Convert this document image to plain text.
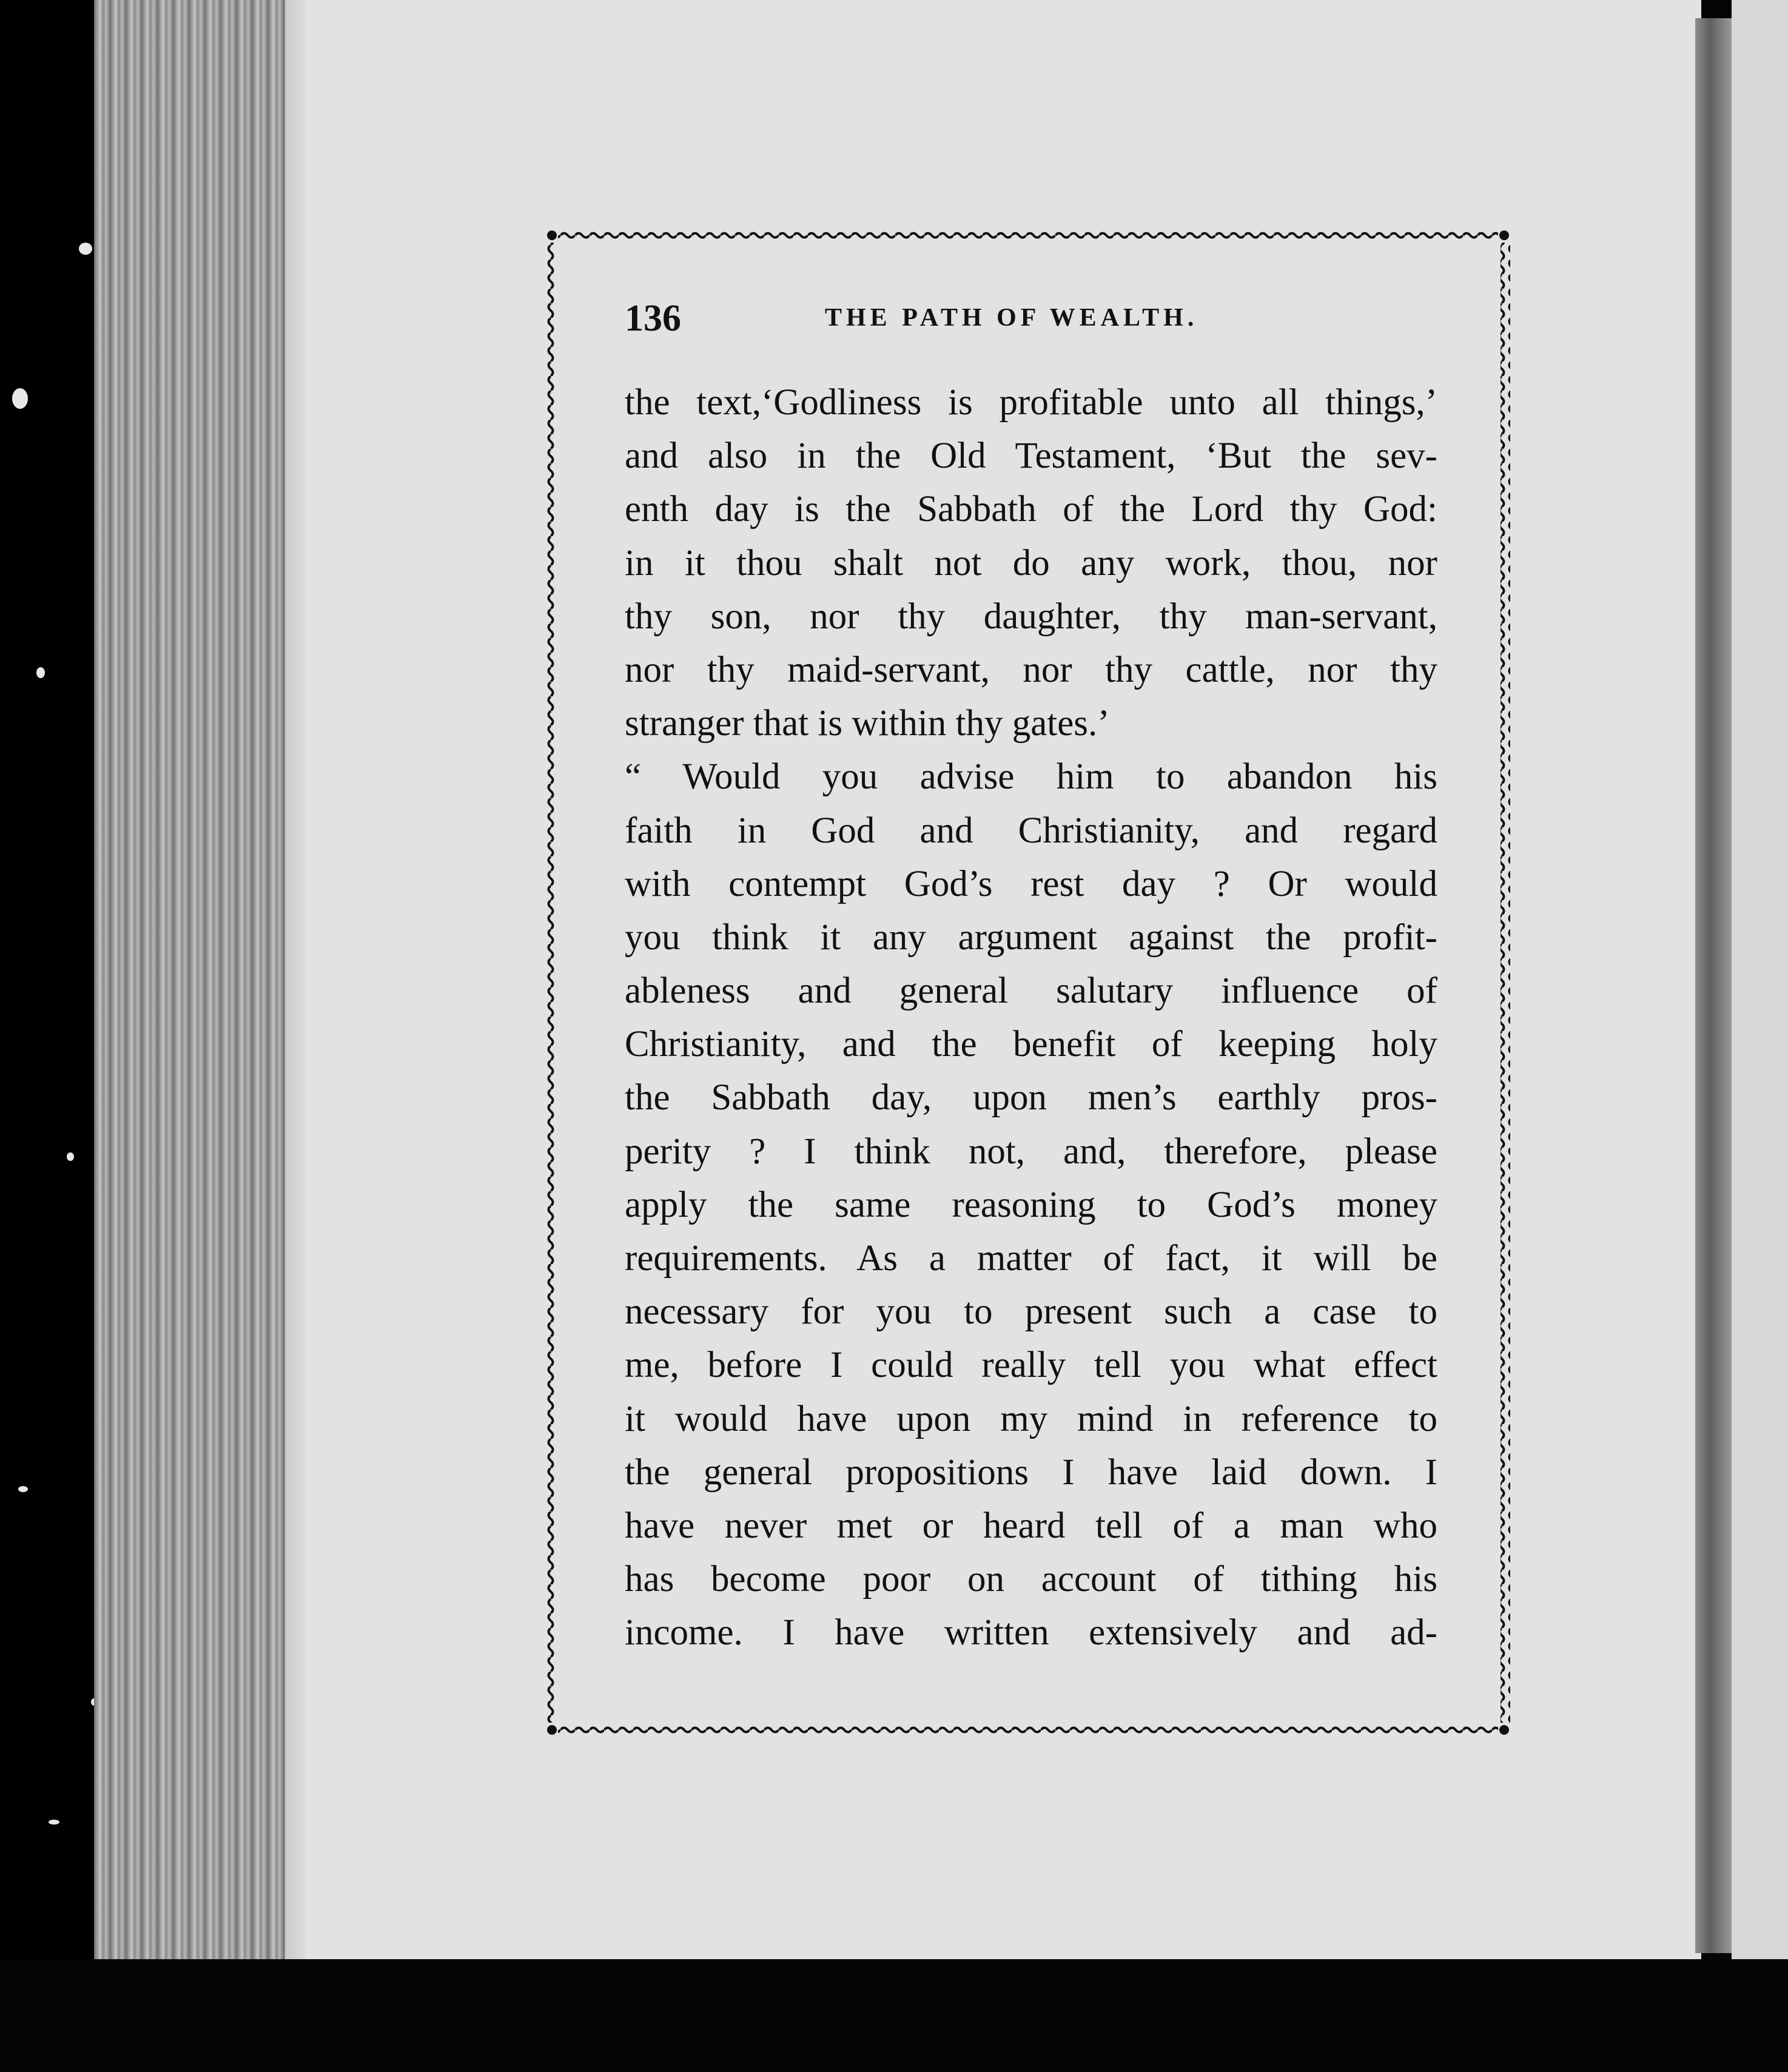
136	THE PATH OF WEALTH.
the text,‘Godliness is profitable unto all things,’
and also in the Old Testament, ‘But the sev-
enth day is the Sabbath of the Lord thy God:
in it thou shalt not do any work, thou, nor
thy son, nor thy daughter, thy man-servant,
nor thy maid-servant, nor thy cattle, nor thy
stranger that is within thy gates.’
“ Would you advise him to abandon his
faith in God and Christianity, and regard
with contempt God’s rest day ? Or would
you think it any argument against the profit-
ableness and general salutary influence of
Christianity, and the benefit of keeping holy
the Sabbath day, upon men’s earthly pros-
perity ? I think not, and, therefore, please
apply the same reasoning to God’s money
requirements. As a matter of fact, it will be
necessary for you to present such a case to
me, before I could really tell you what effect
it would have upon my mind in reference to
the general propositions I have laid down. I
have never met or heard tell of a man who
has become poor on account of tithing his
income. I have written extensively and ad-
